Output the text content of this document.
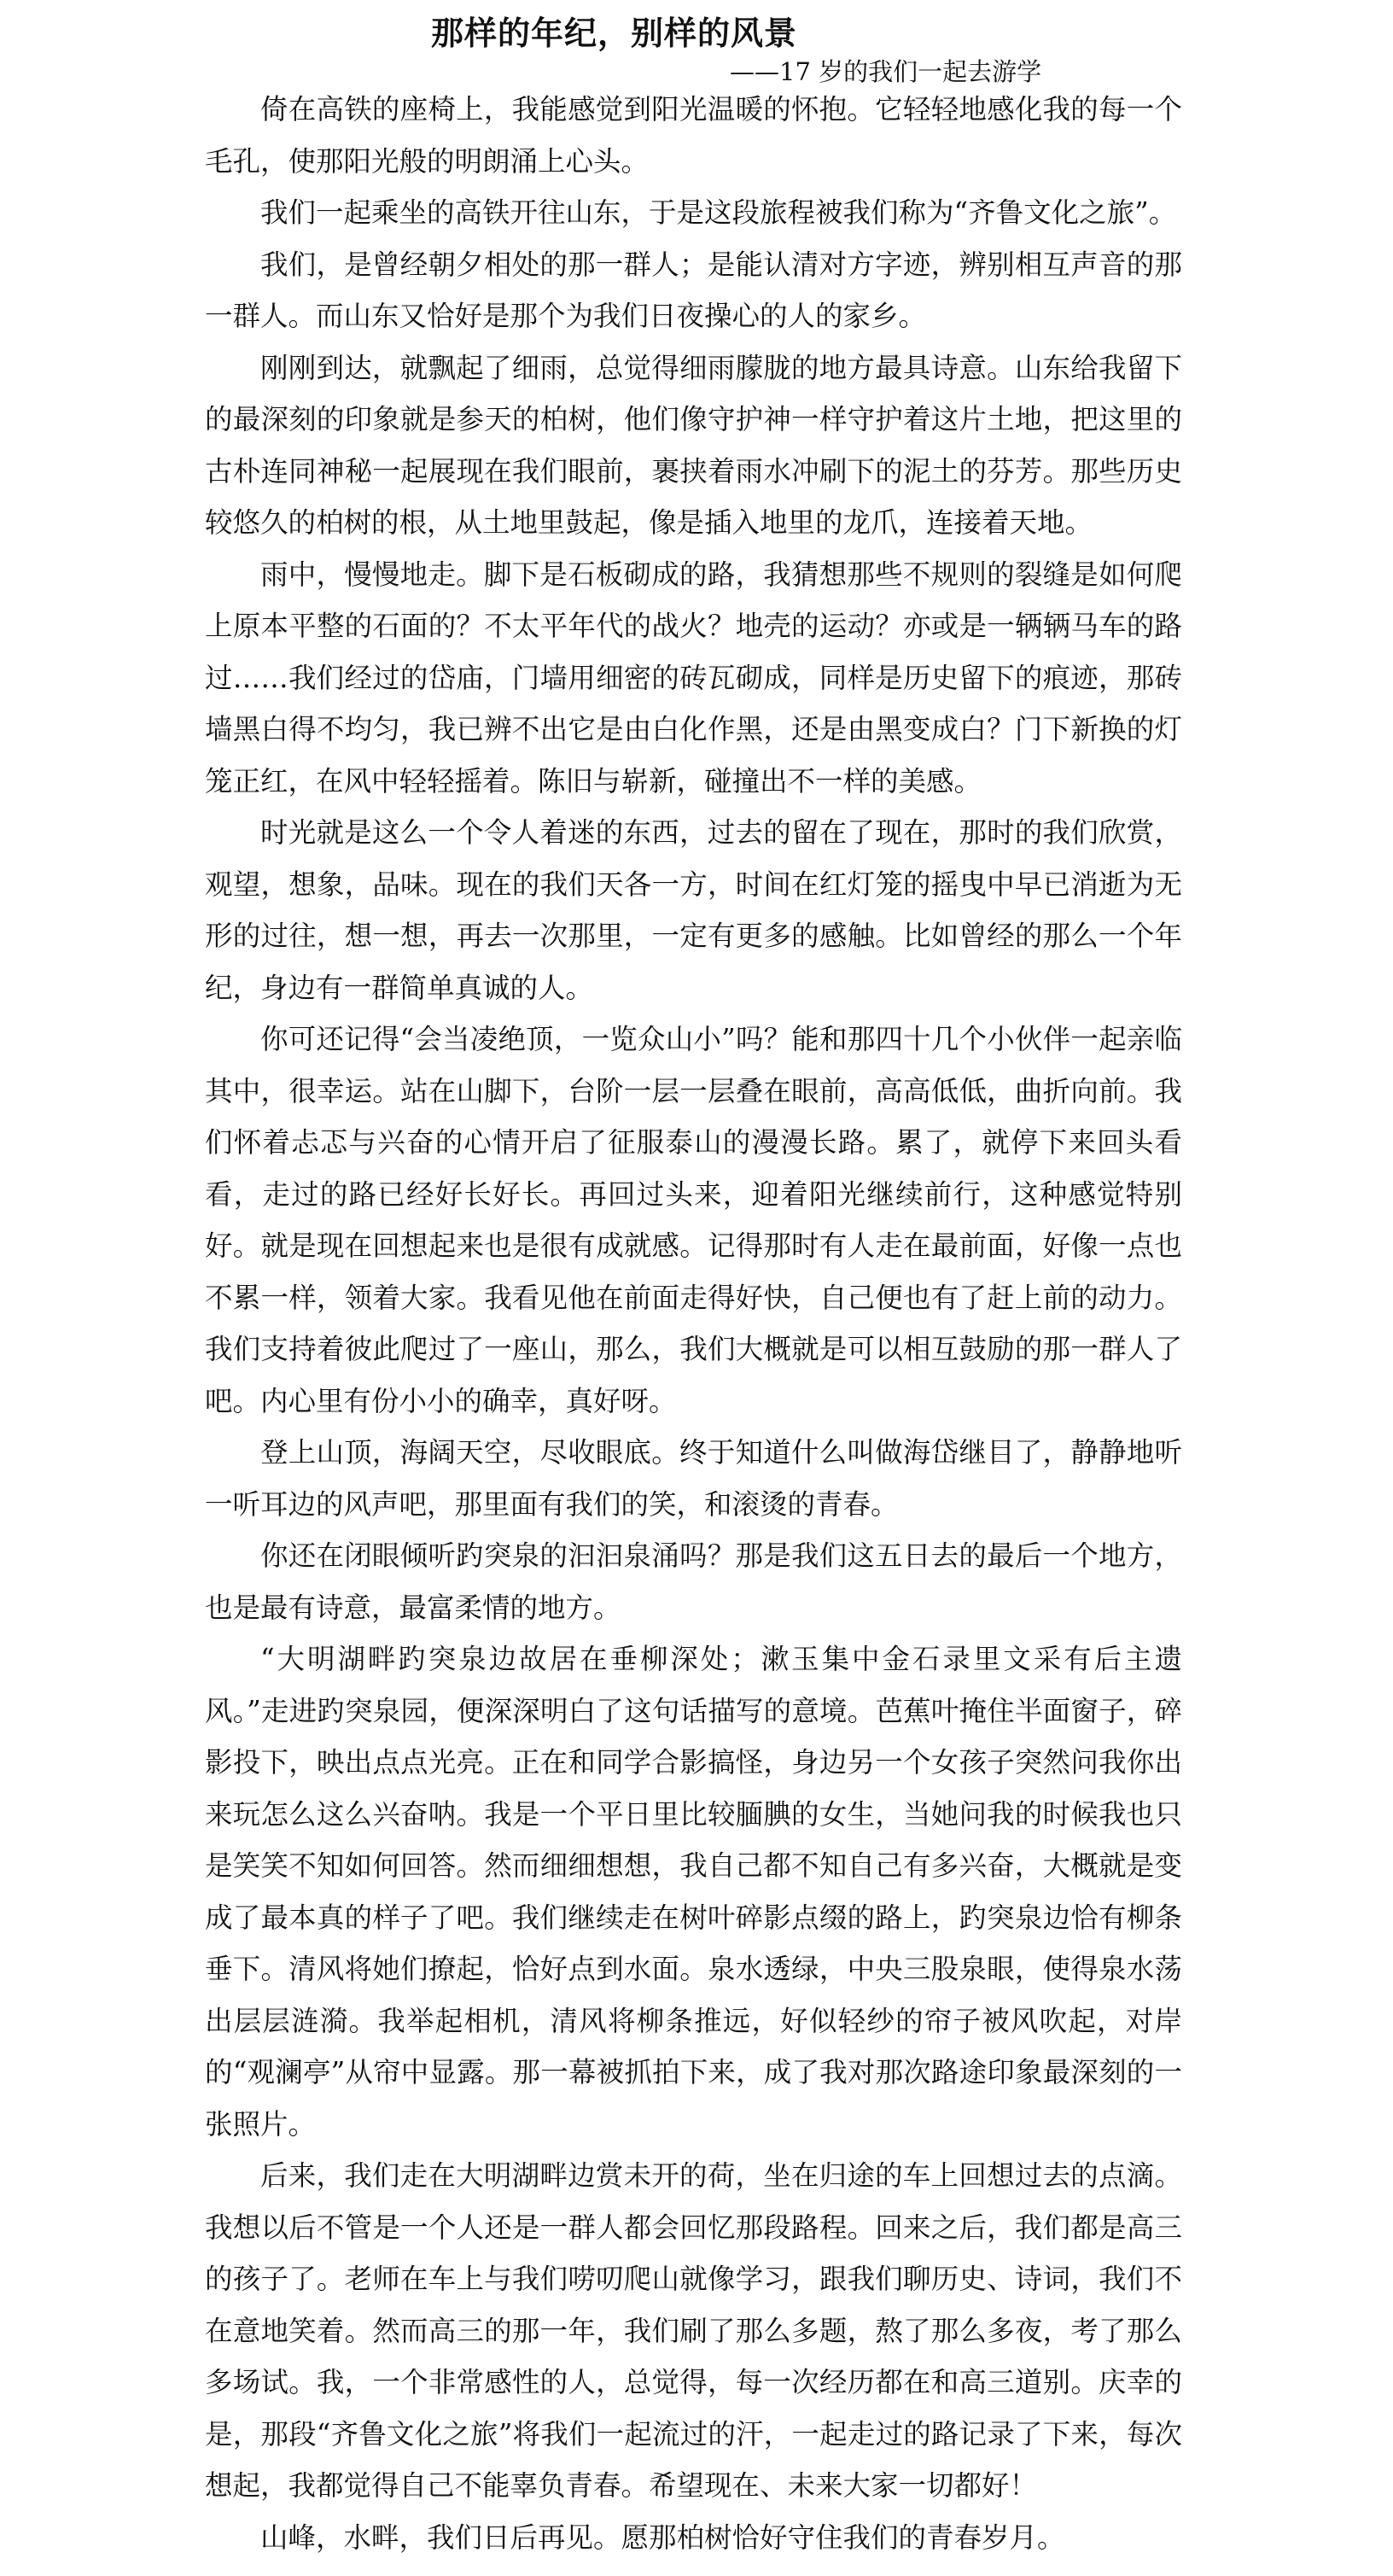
那样的年纪，别样的风景
——17 岁的我们一起去游学

倚在高铁的座椅上，我能感觉到阳光温暖的怀抱。它轻轻地感化我的每一个毛孔，使那阳光般的明朗涌上心头。

我们一起乘坐的高铁开往山东，于是这段旅程被我们称为“齐鲁文化之旅”。

我们，是曾经朝夕相处的那一群人；是能认清对方字迹，辨别相互声音的那一群人。而山东又恰好是那个为我们日夜操心的人的家乡。

刚刚到达，就飘起了细雨，总觉得细雨朦胧的地方最具诗意。山东给我留下的最深刻的印象就是参天的柏树，他们像守护神一样守护着这片土地，把这里的古朴连同神秘一起展现在我们眼前，裹挟着雨水冲刷下的泥土的芬芳。那些历史较悠久的柏树的根，从土地里鼓起，像是插入地里的龙爪，连接着天地。

雨中，慢慢地走。脚下是石板砌成的路，我猜想那些不规则的裂缝是如何爬上原本平整的石面的？不太平年代的战火？地壳的运动？亦或是一辆辆马车的路过……我们经过的岱庙，门墙用细密的砖瓦砌成，同样是历史留下的痕迹，那砖墙黑白得不均匀，我已辨不出它是由白化作黑，还是由黑变成白？门下新换的灯笼正红，在风中轻轻摇着。陈旧与崭新，碰撞出不一样的美感。

时光就是这么一个令人着迷的东西，过去的留在了现在，那时的我们欣赏，观望，想象，品味。现在的我们天各一方，时间在红灯笼的摇曳中早已消逝为无形的过往，想一想，再去一次那里，一定有更多的感触。比如曾经的那么一个年纪，身边有一群简单真诚的人。

你可还记得“会当凌绝顶，一览众山小”吗？能和那四十几个小伙伴一起亲临其中，很幸运。站在山脚下，台阶一层一层叠在眼前，高高低低，曲折向前。我们怀着忐忑与兴奋的心情开启了征服泰山的漫漫长路。累了，就停下来回头看看，走过的路已经好长好长。再回过头来，迎着阳光继续前行，这种感觉特别好。就是现在回想起来也是很有成就感。记得那时有人走在最前面，好像一点也不累一样，领着大家。我看见他在前面走得好快，自己便也有了赶上前的动力。我们支持着彼此爬过了一座山，那么，我们大概就是可以相互鼓励的那一群人了吧。内心里有份小小的确幸，真好呀。

登上山顶，海阔天空，尽收眼底。终于知道什么叫做海岱继目了，静静地听一听耳边的风声吧，那里面有我们的笑，和滚烫的青春。

你还在闭眼倾听趵突泉的汩汩泉涌吗？那是我们这五日去的最后一个地方，也是最有诗意，最富柔情的地方。

“大明湖畔趵突泉边故居在垂柳深处；漱玉集中金石录里文采有后主遗风。”走进趵突泉园，便深深明白了这句话描写的意境。芭蕉叶掩住半面窗子，碎影投下，映出点点光亮。正在和同学合影搞怪，身边另一个女孩子突然问我你出来玩怎么这么兴奋呐。我是一个平日里比较腼腆的女生，当她问我的时候我也只是笑笑不知如何回答。然而细细想想，我自己都不知自己有多兴奋，大概就是变成了最本真的样子了吧。我们继续走在树叶碎影点缀的路上，趵突泉边恰有柳条垂下。清风将她们撩起，恰好点到水面。泉水透绿，中央三股泉眼，使得泉水荡出层层涟漪。我举起相机，清风将柳条推远，好似轻纱的帘子被风吹起，对岸的“观澜亭”从帘中显露。那一幕被抓拍下来，成了我对那次路途印象最深刻的一张照片。

后来，我们走在大明湖畔边赏未开的荷，坐在归途的车上回想过去的点滴。我想以后不管是一个人还是一群人都会回忆那段路程。回来之后，我们都是高三的孩子了。老师在车上与我们唠叨爬山就像学习，跟我们聊历史、诗词，我们不在意地笑着。然而高三的那一年，我们刷了那么多题，熬了那么多夜，考了那么多场试。我，一个非常感性的人，总觉得，每一次经历都在和高三道别。庆幸的是，那段“齐鲁文化之旅”将我们一起流过的汗，一起走过的路记录了下来，每次想起，我都觉得自己不能辜负青春。希望现在、未来大家一切都好！

山峰，水畔，我们日后再见。愿那柏树恰好守住我们的青春岁月。
